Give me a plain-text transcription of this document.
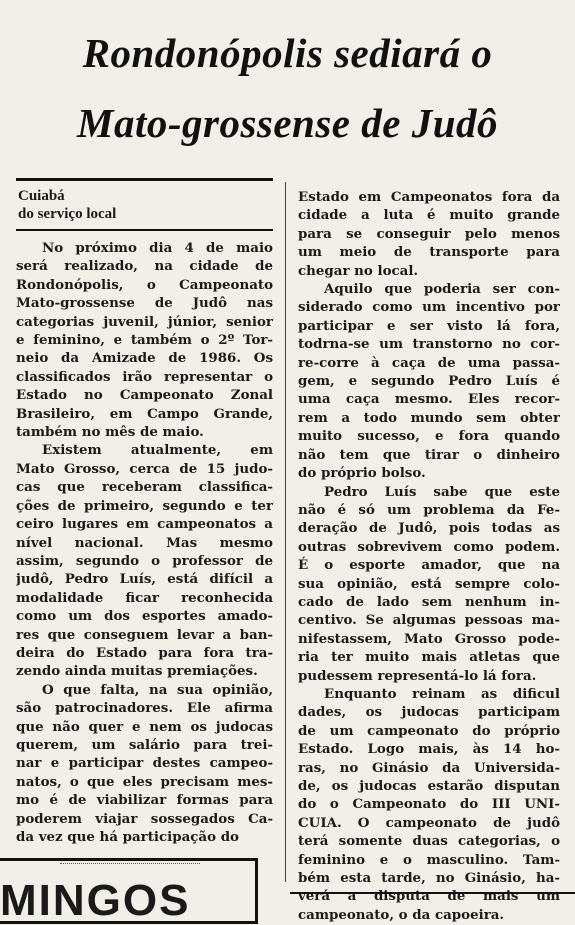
Rondonópolis sediará o
Mato-grossense de Judô
Cuiabá
do serviço local
No próximo dia 4 de maio
será realizado, na cidade de
Rondonópolis, o Campeonato
Mato-grossense de Judô nas
categorias juvenil, júnior, senior
e feminino, e também o 2º Tor-
neio da Amizade de 1986. Os
classificados irão representar o
Estado no Campeonato Zonal
Brasileiro, em Campo Grande,
também no mês de maio.
Existem atualmente, em
Mato Grosso, cerca de 15 judo-
cas que receberam classifica-
ções de primeiro, segundo e ter
ceiro lugares em campeonatos a
nível nacional. Mas mesmo
assim, segundo o professor de
judô, Pedro Luís, está difícil a
modalidade ficar reconhecida
como um dos esportes amado-
res que conseguem levar a ban-
deira do Estado para fora tra-
zendo ainda muitas premiações.
O que falta, na sua opinião,
são patrocinadores. Ele afirma
que não quer e nem os judocas
querem, um salário para trei-
nar e participar destes campeo-
natos, o que eles precisam mes-
mo é de viabilizar formas para
poderem viajar sossegados Ca-
da vez que há participação do
Estado em Campeonatos fora da
cidade a luta é muito grande
para se conseguir pelo menos
um meio de transporte para
chegar no local.
Aquilo que poderia ser con-
siderado como um incentivo por
participar e ser visto lá fora,
todrna-se um transtorno no cor-
re-corre à caça de uma passa-
gem, e segundo Pedro Luís é
uma caça mesmo. Eles recor-
rem a todo mundo sem obter
muito sucesso, e fora quando
não tem que tirar o dinheiro
do próprio bolso.
Pedro Luís sabe que este
não é só um problema da Fe-
deração de Judô, pois todas as
outras sobrevivem como podem.
É o esporte amador, que na
sua opinião, está sempre colo-
cado de lado sem nenhum in-
centivo. Se algumas pessoas ma-
nifestassem, Mato Grosso pode-
ria ter muito mais atletas que
pudessem representá-lo lá fora.
Enquanto reinam as dificul
dades, os judocas participam
de um campeonato do próprio
Estado. Logo mais, às 14 ho-
ras, no Ginásio da Universida-
de, os judocas estarão disputan
do o Campeonato do III UNI-
CUIA. O campeonato de judô
terá somente duas categorias, o
feminino e o masculino. Tam-
bém esta tarde, no Ginásio, ha-
verá a disputa de mais um
campeonato, o da capoeira.
MINGOS
